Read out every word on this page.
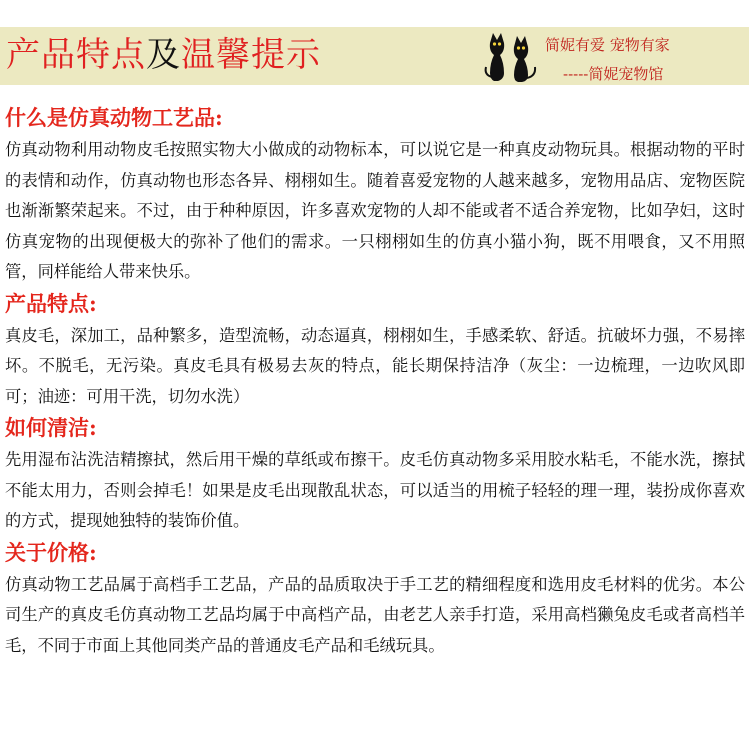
产品特点及温馨提示	简妮有爱 宠物有家
-----简妮宠物馆
什么是仿真动物工艺品:

仿真动物利用动物皮毛按照实物大小做成的动物标本，可以说它是一种真皮动物玩具。根据动物的平时的表情和动作，仿真动物也形态各异、栩栩如生。随着喜爱宠物的人越来越多，宠物用品店、宠物医院也渐渐繁荣起来。不过，由于种种原因，许多喜欢宠物的人却不能或者不适合养宠物，比如孕妇，这时仿真宠物的出现便极大的弥补了他们的需求。一只栩栩如生的仿真小猫小狗，既不用喂食，又不用照管，同样能给人带来快乐。

产品特点:

真皮毛，深加工，品种繁多，造型流畅，动态逼真，栩栩如生，手感柔软、舒适。抗破坏力强，不易摔坏。不脱毛，无污染。真皮毛具有极易去灰的特点，能长期保持洁净（灰尘：一边梳理，一边吹风即可；油迹：可用干洗，切勿水洗）

如何清洁:

先用湿布沾洗洁精擦拭，然后用干燥的草纸或布擦干。皮毛仿真动物多采用胶水粘毛，不能水洗，擦拭不能太用力，否则会掉毛！如果是皮毛出现散乱状态，可以适当的用梳子轻轻的理一理，装扮成你喜欢的方式，提现她独特的装饰价值。

关于价格:

仿真动物工艺品属于高档手工艺品，产品的品质取决于手工艺的精细程度和选用皮毛材料的优劣。本公司生产的真皮毛仿真动物工艺品均属于中高档产品，由老艺人亲手打造，采用高档獭兔皮毛或者高档羊毛，不同于市面上其他同类产品的普通皮毛产品和毛绒玩具。
